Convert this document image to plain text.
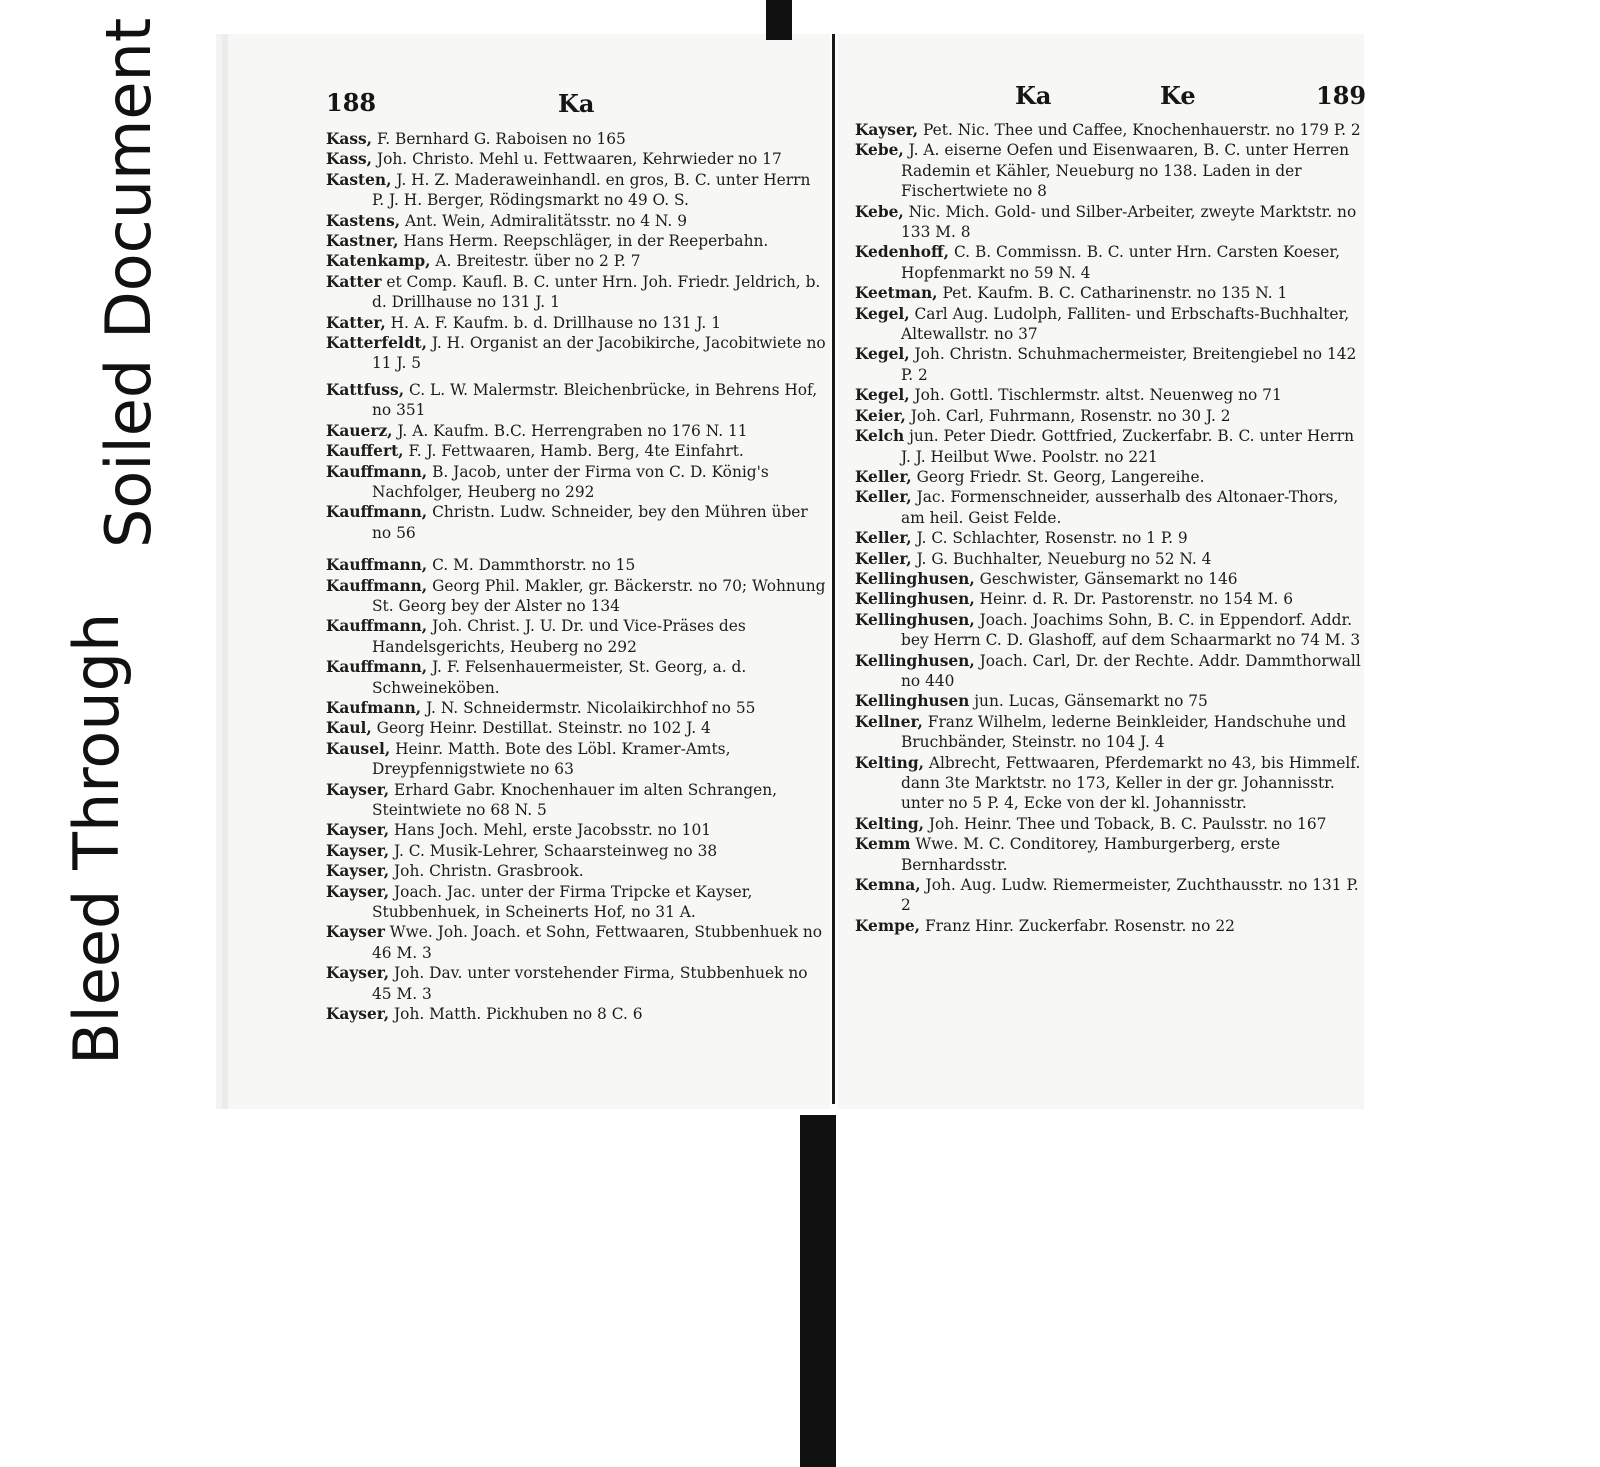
Bleed Through
Soiled Document	188	Ka	Ka	Ke	189
Kass, F. Bernhard G. Raboisen no 165
Kass, Joh. Christo. Mehl u. Fettwaaren, Kehrwieder no 17
Kasten, J. H. Z. Maderaweinhandl. en gros, B. C. unter Herrn P. J. H. Berger, Rödingsmarkt no 49 O. S.
Kastens, Ant. Wein, Admiralitätsstr. no 4 N. 9
Kastner, Hans Herm. Reepschläger, in der Reeperbahn.
Katenkamp, A. Breitestr. über no 2 P. 7
Katter et Comp. Kaufl. B. C. unter Hrn. Joh. Friedr. Jeldrich, b. d. Drillhause no 131 J. 1
Katter, H. A. F. Kaufm. b. d. Drillhause no 131 J. 1
Katterfeldt, J. H. Organist an der Jacobikirche, Jacobitwiete no 11 J. 5
Kattfuss, C. L. W. Malermstr. Bleichenbrücke, in Behrens Hof, no 351
Kauerz, J. A. Kaufm. B.C. Herrengraben no 176 N. 11
Kauffert, F. J. Fettwaaren, Hamb. Berg, 4te Einfahrt.
Kauffmann, B. Jacob, unter der Firma von C. D. König's Nachfolger, Heuberg no 292
Kauffmann, Christn. Ludw. Schneider, bey den Mühren über no 56
Kauffmann, C. M. Dammthorstr. no 15
Kauffmann, Georg Phil. Makler, gr. Bäckerstr. no 70; Wohnung St. Georg bey der Alster no 134
Kauffmann, Joh. Christ. J. U. Dr. und Vice-Präses des Handelsgerichts, Heuberg no 292
Kauffmann, J. F. Felsenhauermeister, St. Georg, a. d. Schweineköben.
Kaufmann, J. N. Schneidermstr. Nicolaikirchhof no 55
Kaul, Georg Heinr. Destillat. Steinstr. no 102 J. 4
Kausel, Heinr. Matth. Bote des Löbl. Kramer-Amts, Dreypfennigstwiete no 63
Kayser, Erhard Gabr. Knochenhauer im alten Schrangen, Steintwiete no 68 N. 5
Kayser, Hans Joch. Mehl, erste Jacobsstr. no 101
Kayser, J. C. Musik-Lehrer, Schaarsteinweg no 38
Kayser, Joh. Christn. Grasbrook.
Kayser, Joach. Jac. unter der Firma Tripcke et Kayser, Stubbenhuek, in Scheinerts Hof, no 31 A.
Kayser Wwe. Joh. Joach. et Sohn, Fettwaaren, Stubbenhuek no 46 M. 3
Kayser, Joh. Dav. unter vorstehender Firma, Stubbenhuek no 45 M. 3
Kayser, Joh. Matth. Pickhuben no 8 C. 6
Kayser, Pet. Nic. Thee und Caffee, Knochenhauerstr. no 179 P. 2
Kebe, J. A. eiserne Oefen und Eisenwaaren, B. C. unter Herren Rademin et Kähler, Neueburg no 138. Laden in der Fischertwiete no 8
Kebe, Nic. Mich. Gold- und Silber-Arbeiter, zweyte Marktstr. no 133 M. 8
Kedenhoff, C. B. Commissn. B. C. unter Hrn. Carsten Koeser, Hopfenmarkt no 59 N. 4
Keetman, Pet. Kaufm. B. C. Catharinenstr. no 135 N. 1
Kegel, Carl Aug. Ludolph, Falliten- und Erbschafts-Buchhalter, Altewallstr. no 37
Kegel, Joh. Christn. Schuhmachermeister, Breitengiebel no 142 P. 2
Kegel, Joh. Gottl. Tischlermstr. altst. Neuenweg no 71
Keier, Joh. Carl, Fuhrmann, Rosenstr. no 30 J. 2
Kelch jun. Peter Diedr. Gottfried, Zuckerfabr. B. C. unter Herrn J. J. Heilbut Wwe. Poolstr. no 221
Keller, Georg Friedr. St. Georg, Langereihe.
Keller, Jac. Formenschneider, ausserhalb des Altonaer-Thors, am heil. Geist Felde.
Keller, J. C. Schlachter, Rosenstr. no 1 P. 9
Keller, J. G. Buchhalter, Neueburg no 52 N. 4
Kellinghusen, Geschwister, Gänsemarkt no 146
Kellinghusen, Heinr. d. R. Dr. Pastorenstr. no 154 M. 6
Kellinghusen, Joach. Joachims Sohn, B. C. in Eppendorf. Addr. bey Herrn C. D. Glashoff, auf dem Schaarmarkt no 74 M. 3
Kellinghusen, Joach. Carl, Dr. der Rechte. Addr. Dammthorwall no 440
Kellinghusen jun. Lucas, Gänsemarkt no 75
Kellner, Franz Wilhelm, lederne Beinkleider, Handschuhe und Bruchbänder, Steinstr. no 104 J. 4
Kelting, Albrecht, Fettwaaren, Pferdemarkt no 43, bis Himmelf. dann 3te Marktstr. no 173, Keller in der gr. Johannisstr. unter no 5 P. 4, Ecke von der kl. Johannisstr.
Kelting, Joh. Heinr. Thee und Toback, B. C. Paulsstr. no 167
Kemm Wwe. M. C. Conditorey, Hamburgerberg, erste Bernhardsstr.
Kemna, Joh. Aug. Ludw. Riemermeister, Zuchthausstr. no 131 P. 2
Kempe, Franz Hinr. Zuckerfabr. Rosenstr. no 22
